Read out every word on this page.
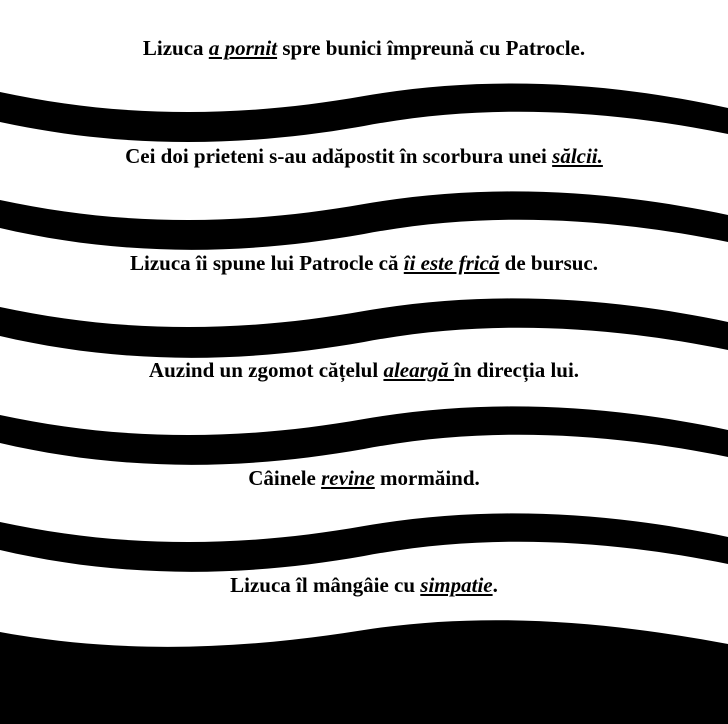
Lizuca a pornit spre bunici împreună cu Patrocle.
Cei doi prieteni s-au adăpostit în scorbura unei sălcii.
Lizuca îi spune lui Patrocle că îi este frică de bursuc.
Auzind un zgomot cățelul aleargă în direcția lui.
Câinele revine mormăind.
Lizuca îl mângâie cu simpatie.
